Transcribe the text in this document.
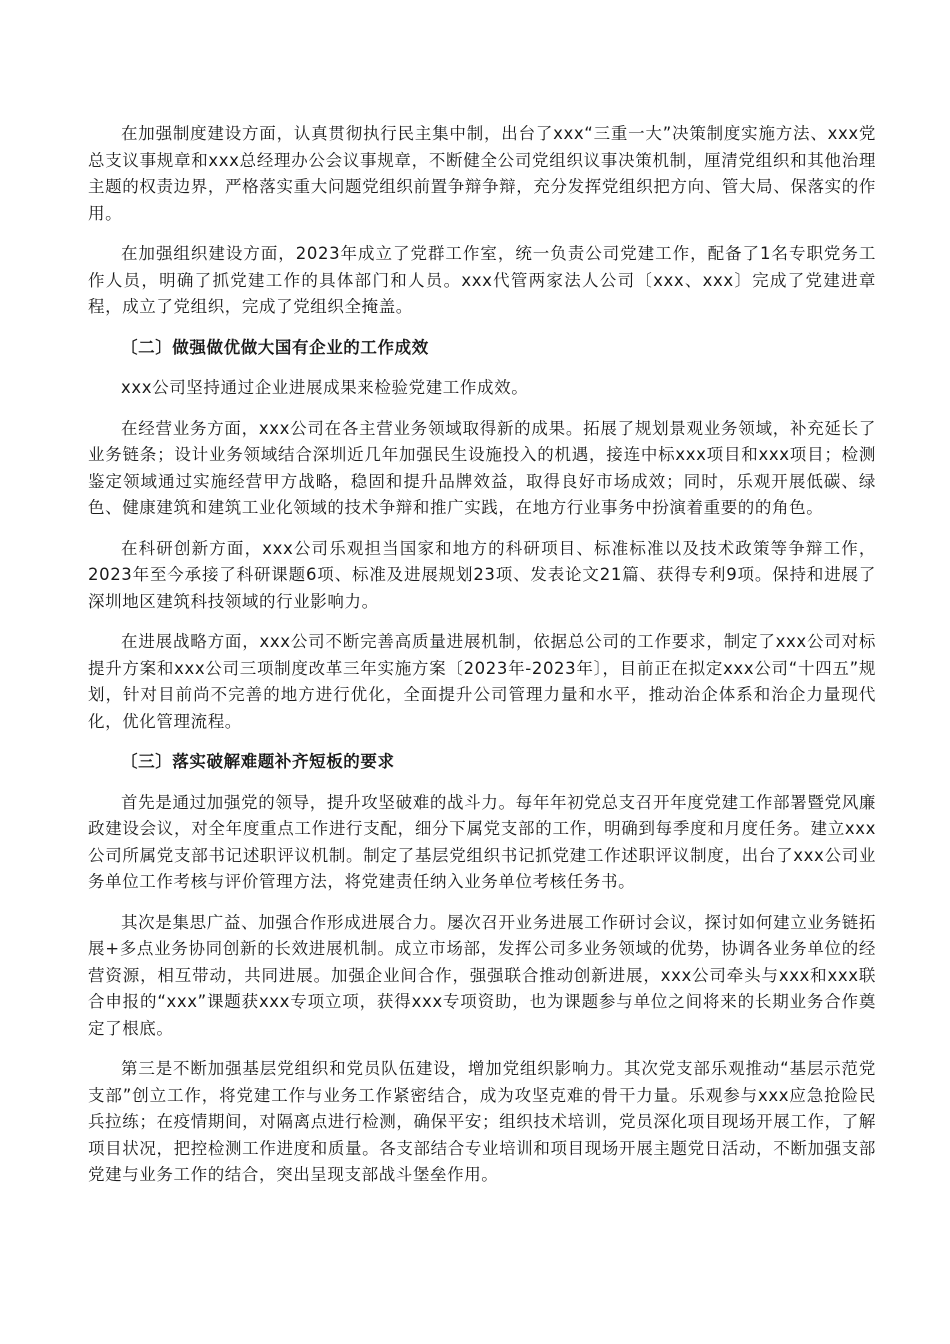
在加强制度建设方面，认真贯彻执行民主集中制，出台了xxx“三重一大”决策制度实施方法、xxx党总支议事规章和xxx总经理办公会议事规章，不断健全公司党组织议事决策机制，厘清党组织和其他治理主题的权责边界，严格落实重大问题党组织前置争辩争辩，充分发挥党组织把方向、管大局、保落实的作用。

在加强组织建设方面，2023年成立了党群工作室，统一负责公司党建工作，配备了1名专职党务工作人员，明确了抓党建工作的具体部门和人员。xxx代管两家法人公司〔xxx、xxx〕完成了党建进章程，成立了党组织，完成了党组织全掩盖。

〔二〕做强做优做大国有企业的工作成效

xxx公司坚持通过企业进展成果来检验党建工作成效。

在经营业务方面，xxx公司在各主营业务领域取得新的成果。拓展了规划景观业务领域，补充延长了业务链条；设计业务领域结合深圳近几年加强民生设施投入的机遇，接连中标xxx项目和xxx项目；检测鉴定领域通过实施经营甲方战略，稳固和提升品牌效益，取得良好市场成效；同时，乐观开展低碳、绿色、健康建筑和建筑工业化领域的技术争辩和推广实践，在地方行业事务中扮演着重要的的角色。

在科研创新方面，xxx公司乐观担当国家和地方的科研项目、标准标准以及技术政策等争辩工作，2023年至今承接了科研课题6项、标准及进展规划23项、发表论文21篇、获得专利9项。保持和进展了深圳地区建筑科技领域的行业影响力。

在进展战略方面，xxx公司不断完善高质量进展机制，依据总公司的工作要求，制定了xxx公司对标提升方案和xxx公司三项制度改革三年实施方案〔2023年-2023年〕，目前正在拟定xxx公司“十四五”规划，针对目前尚不完善的地方进行优化，全面提升公司管理力量和水平，推动治企体系和治企力量现代化，优化管理流程。

〔三〕落实破解难题补齐短板的要求

首先是通过加强党的领导，提升攻坚破难的战斗力。每年年初党总支召开年度党建工作部署暨党风廉政建设会议，对全年度重点工作进行支配，细分下属党支部的工作，明确到每季度和月度任务。建立xxx公司所属党支部书记述职评议机制。制定了基层党组织书记抓党建工作述职评议制度，出台了xxx公司业务单位工作考核与评价管理方法，将党建责任纳入业务单位考核任务书。

其次是集思广益、加强合作形成进展合力。屡次召开业务进展工作研讨会议，探讨如何建立业务链拓展+多点业务协同创新的长效进展机制。成立市场部，发挥公司多业务领域的优势，协调各业务单位的经营资源，相互带动，共同进展。加强企业间合作，强强联合推动创新进展，xxx公司牵头与xxx和xxx联合申报的“xxx”课题获xxx专项立项，获得xxx专项资助，也为课题参与单位之间将来的长期业务合作奠定了根底。

第三是不断加强基层党组织和党员队伍建设，增加党组织影响力。其次党支部乐观推动“基层示范党支部”创立工作，将党建工作与业务工作紧密结合，成为攻坚克难的骨干力量。乐观参与xxx应急抢险民兵拉练；在疫情期间，对隔离点进行检测，确保平安；组织技术培训，党员深化项目现场开展工作，了解项目状况，把控检测工作进度和质量。各支部结合专业培训和项目现场开展主题党日活动，不断加强支部党建与业务工作的结合，突出呈现支部战斗堡垒作用。
